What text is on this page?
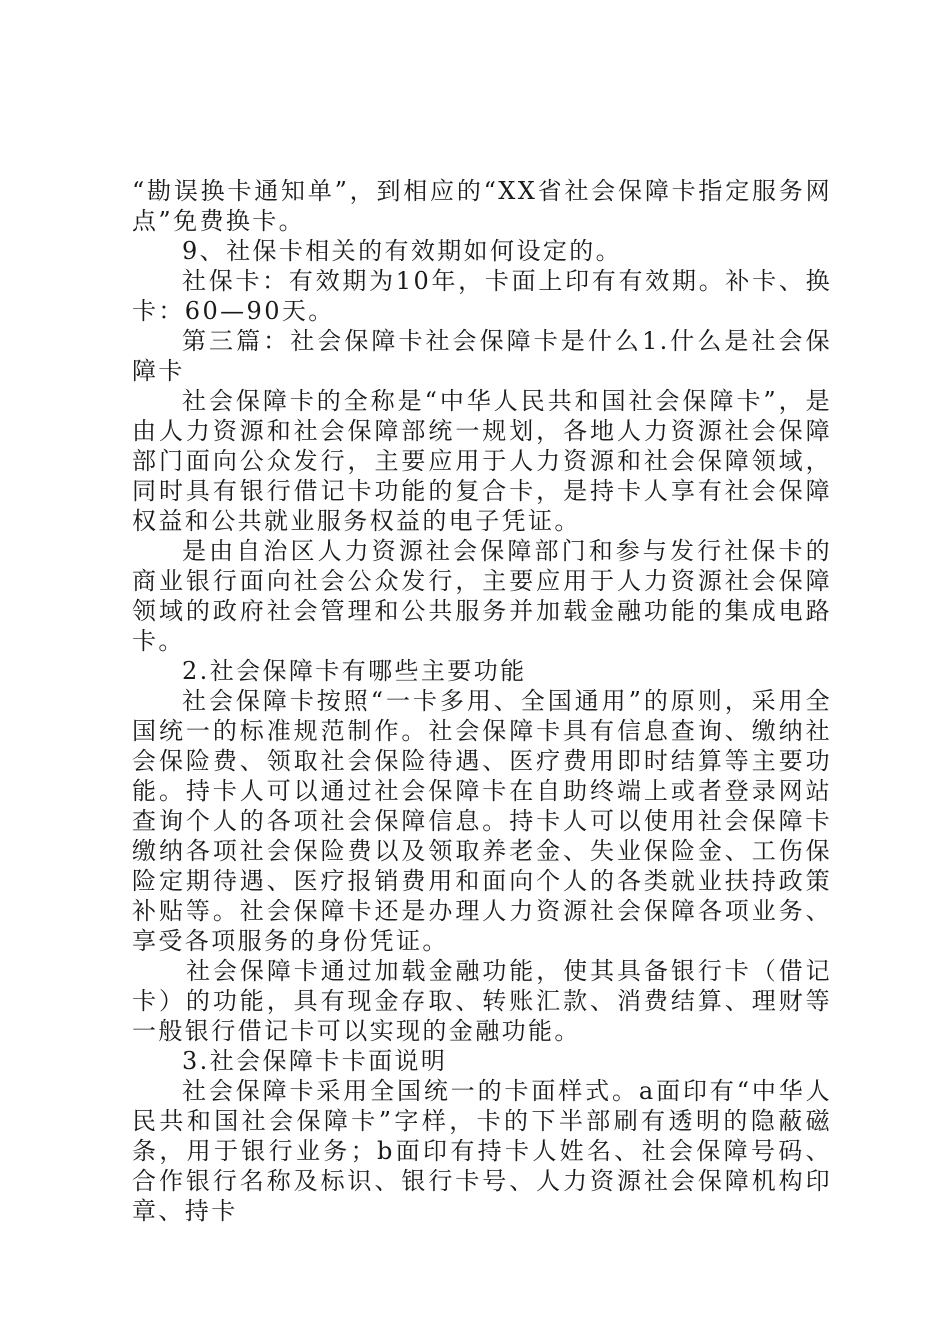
“勘误换卡通知单”，到相应的“XX省社会保障卡指定服务网点”免费换卡。

9、社保卡相关的有效期如何设定的。

社保卡：有效期为10年，卡面上印有有效期。补卡、换卡：60—90天。

第三篇：社会保障卡社会保障卡是什么1.什么是社会保障卡

社会保障卡的全称是“中华人民共和国社会保障卡”，是由人力资源和社会保障部统一规划，各地人力资源社会保障部门面向公众发行，主要应用于人力资源和社会保障领域，同时具有银行借记卡功能的复合卡，是持卡人享有社会保障权益和公共就业服务权益的电子凭证。

是由自治区人力资源社会保障部门和参与发行社保卡的商业银行面向社会公众发行，主要应用于人力资源社会保障领域的政府社会管理和公共服务并加载金融功能的集成电路卡。

2.社会保障卡有哪些主要功能

社会保障卡按照“一卡多用、全国通用”的原则，采用全国统一的标准规范制作。社会保障卡具有信息查询、缴纳社会保险费、领取社会保险待遇、医疗费用即时结算等主要功能。持卡人可以通过社会保障卡在自助终端上或者登录网站查询个人的各项社会保障信息。持卡人可以使用社会保障卡缴纳各项社会保险费以及领取养老金、失业保险金、工伤保险定期待遇、医疗报销费用和面向个人的各类就业扶持政策补贴等。社会保障卡还是办理人力资源社会保障各项业务、享受各项服务的身份凭证。

社会保障卡通过加载金融功能，使其具备银行卡（借记卡）的功能，具有现金存取、转账汇款、消费结算、理财等一般银行借记卡可以实现的金融功能。

3.社会保障卡卡面说明

社会保障卡采用全国统一的卡面样式。a面印有“中华人民共和国社会保障卡”字样，卡的下半部刷有透明的隐蔽磁条，用于银行业务；b面印有持卡人姓名、社会保障号码、合作银行名称及标识、银行卡号、人力资源社会保障机构印章、持卡
